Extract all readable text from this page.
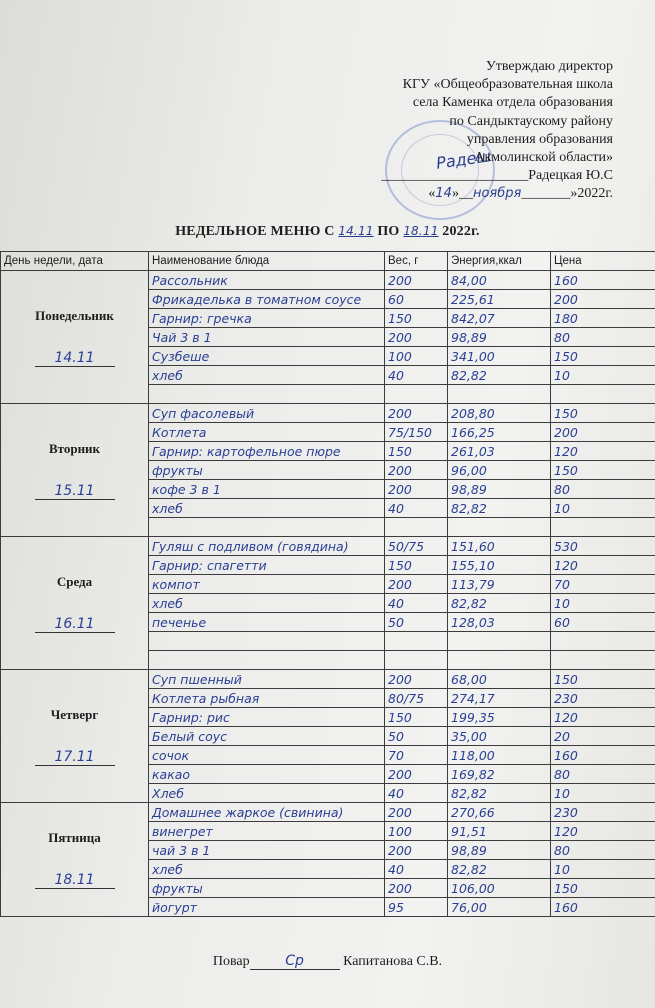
Радеш
Утверждаю директор
КГУ «Общеобразовательная школа
села Каменка отдела образования
по Сандыктаускому району
управления образования
Акмолинской области»
_____________________Радецкая Ю.С
«14»__ноября_______»2022г.
НЕДЕЛЬНОЕ МЕНЮ С 14.11 ПО 18.11 2022г.
День недели, дата	Наименование блюда	Вес, г	Энергия,ккал	Цена

Понедельник
14.11	Рассольник	200	84,00	160
	Фрикаделька в томатном соусе	60	225,61	200
	Гарнир: гречка	150	842,07	180
	Чай 3 в 1	200	98,89	80
	Сузбеше	100	341,00	150
	хлеб	40	82,82	10

Вторник
15.11	Суп фасолевый	200	208,80	150
	Котлета	75/150	166,25	200
	Гарнир: картофельное пюре	150	261,03	120
	фрукты	200	96,00	150
	кофе 3 в 1	200	98,89	80
	хлеб	40	82,82	10

Среда
16.11	Гуляш с подливом (говядина)	50/75	151,60	530
	Гарнир: спагетти	150	155,10	120
	компот	200	113,79	70
	хлеб	40	82,82	10
	печенье	50	128,03	60

Четверг
17.11	Суп пшенный	200	68,00	150
	Котлета рыбная	80/75	274,17	230
	Гарнир: рис	150	199,35	120
	Белый соус	50	35,00	20
	сочок	70	118,00	160
	какао	200	169,82	80
	Хлеб	40	82,82	10

Пятница
18.11	Домашнее жаркое (свинина)	200	270,66	230
	винегрет	100	91,51	120
	чай 3 в 1	200	98,89	80
	хлеб	40	82,82	10
	фрукты	200	106,00	150
	йогурт	95	76,00	160
Повар	Ср	Капитанова С.В.
